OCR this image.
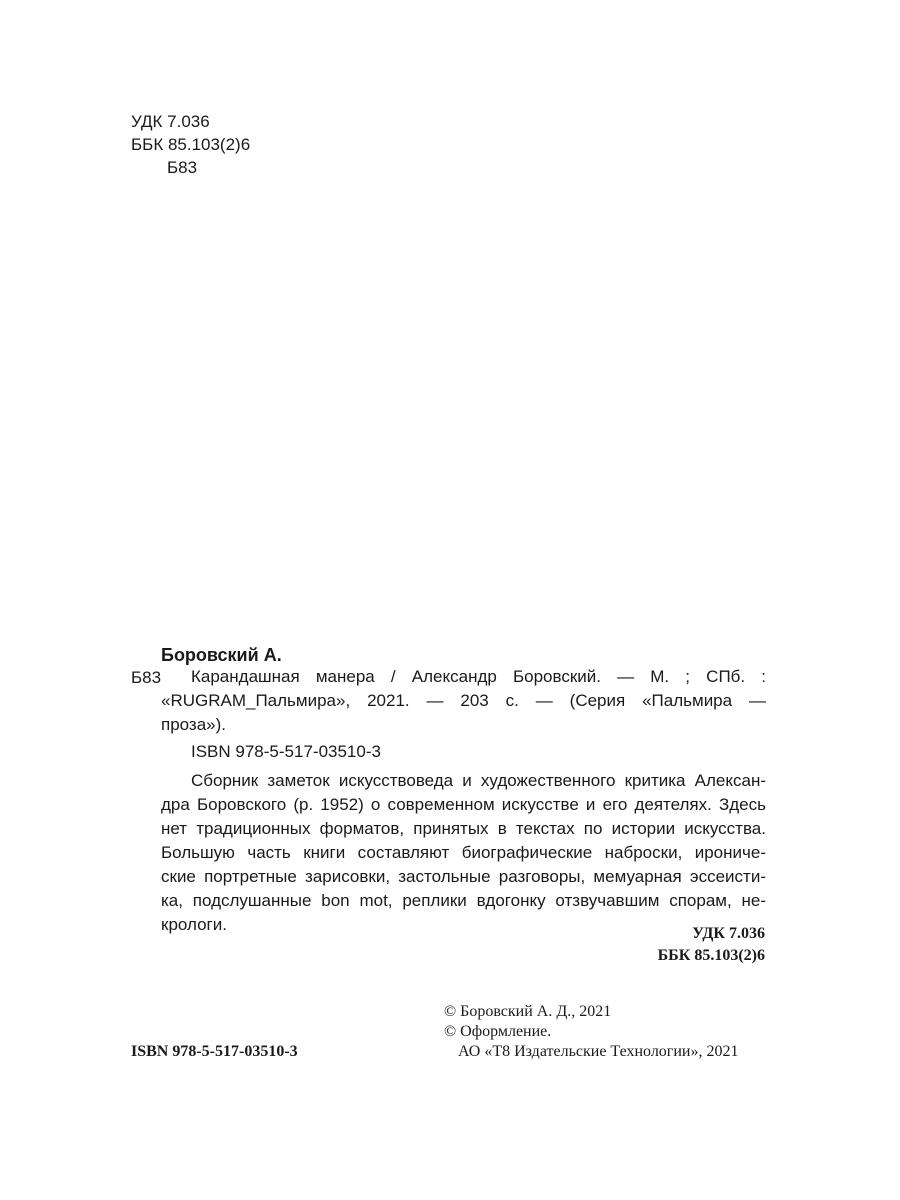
УДК 7.036
ББК 85.103(2)6
Б83
Боровский А.
Б83	Карандашная манера / Александр Боровский. — М. ; СПб. :
«RUGRAM_Пальмира», 2021. — 203 с. — (Серия «Пальмира —
проза»).
ISBN 978-5-517-03510-3
Сборник заметок искусствоведа и художественного критика Алексан-
дра Боровского (р. 1952) о современном искусстве и его деятелях. Здесь
нет традиционных форматов, принятых в текстах по истории искусства.
Большую часть книги составляют биографические наброски, ирониче-
ские портретные зарисовки, застольные разговоры, мемуарная эссеисти-
ка, подслушанные bon mot, реплики вдогонку отзвучавшим спорам, не-
крологи.	УДК 7.036
ББК 85.103(2)6
ISBN 978-5-517-03510-3
© Боровский А. Д., 2021
© Оформление.
АО «Т8 Издательские Технологии», 2021
